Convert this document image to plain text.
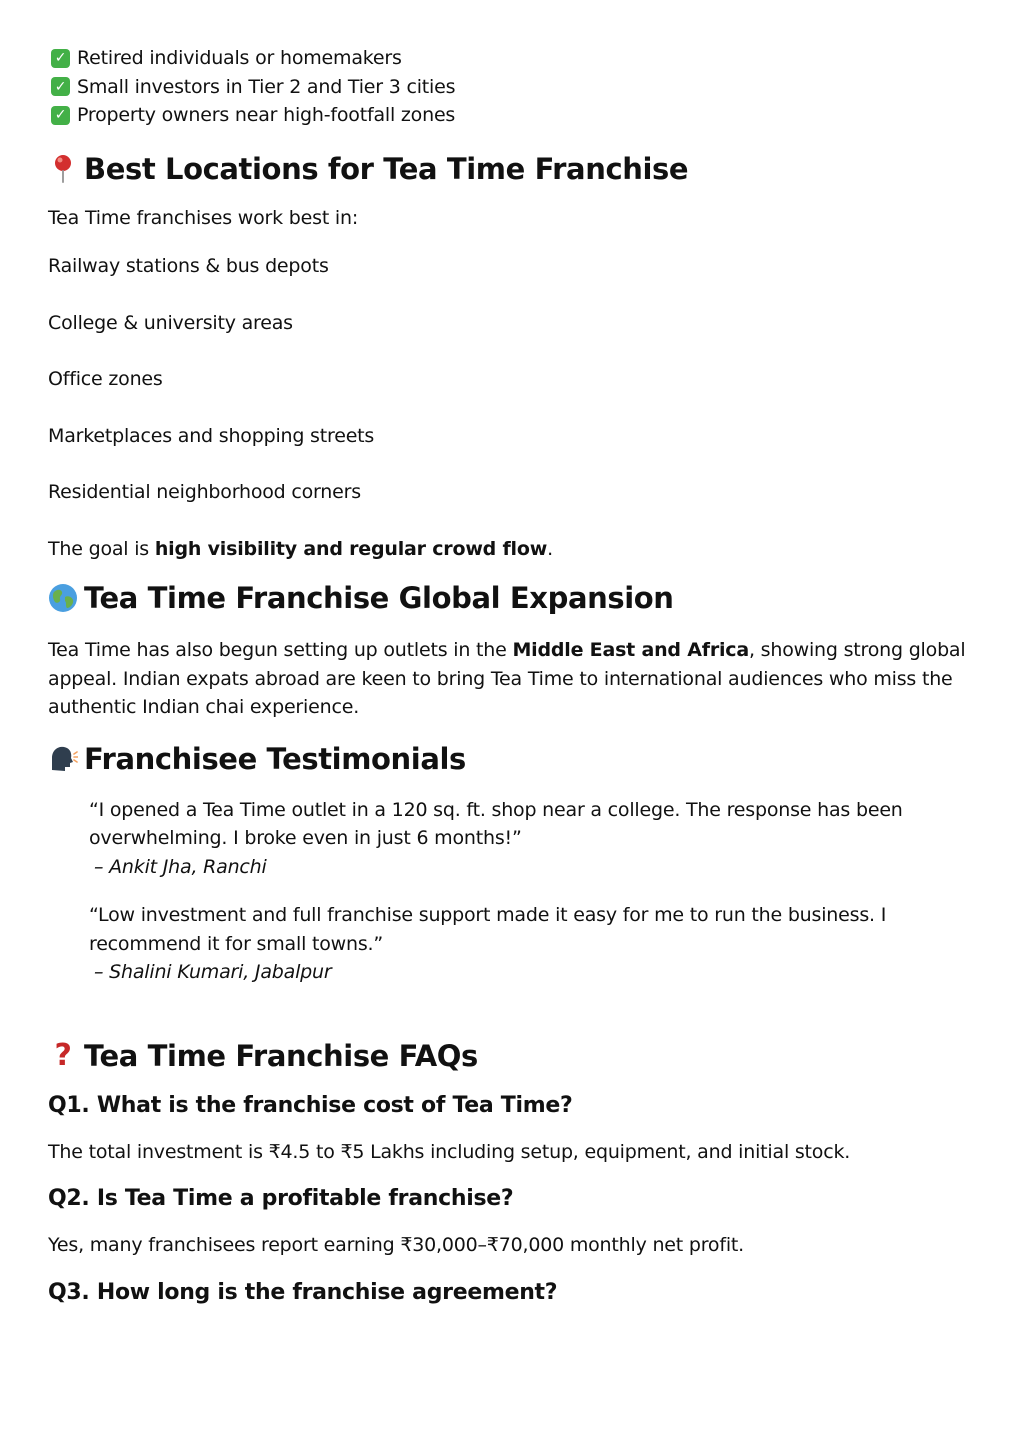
✓ Retired individuals or homemakers
✓ Small investors in Tier 2 and Tier 3 cities
✓ Property owners near high-footfall zones
Best Locations for Tea Time Franchise

Tea Time franchises work best in:

Railway stations & bus depots

College & university areas

Office zones

Marketplaces and shopping streets

Residential neighborhood corners

The goal is high visibility and regular crowd flow.

Tea Time Franchise Global Expansion

Tea Time has also begun setting up outlets in the Middle East and Africa, showing strong global appeal. Indian expats abroad are keen to bring Tea Time to international audiences who miss the authentic Indian chai experience.

Franchisee Testimonials

“I opened a Tea Time outlet in a 120 sq. ft. shop near a college. The response has been overwhelming. I broke even in just 6 months!”

– Ankit Jha, Ranchi

“Low investment and full franchise support made it easy for me to run the business. I recommend it for small towns.”

– Shalini Kumari, Jabalpur

? Tea Time Franchise FAQs
Q1. What is the franchise cost of Tea Time?

The total investment is ₹4.5 to ₹5 Lakhs including setup, equipment, and initial stock.

Q2. Is Tea Time a profitable franchise?

Yes, many franchisees report earning ₹30,000–₹70,000 monthly net profit.

Q3. How long is the franchise agreement?
